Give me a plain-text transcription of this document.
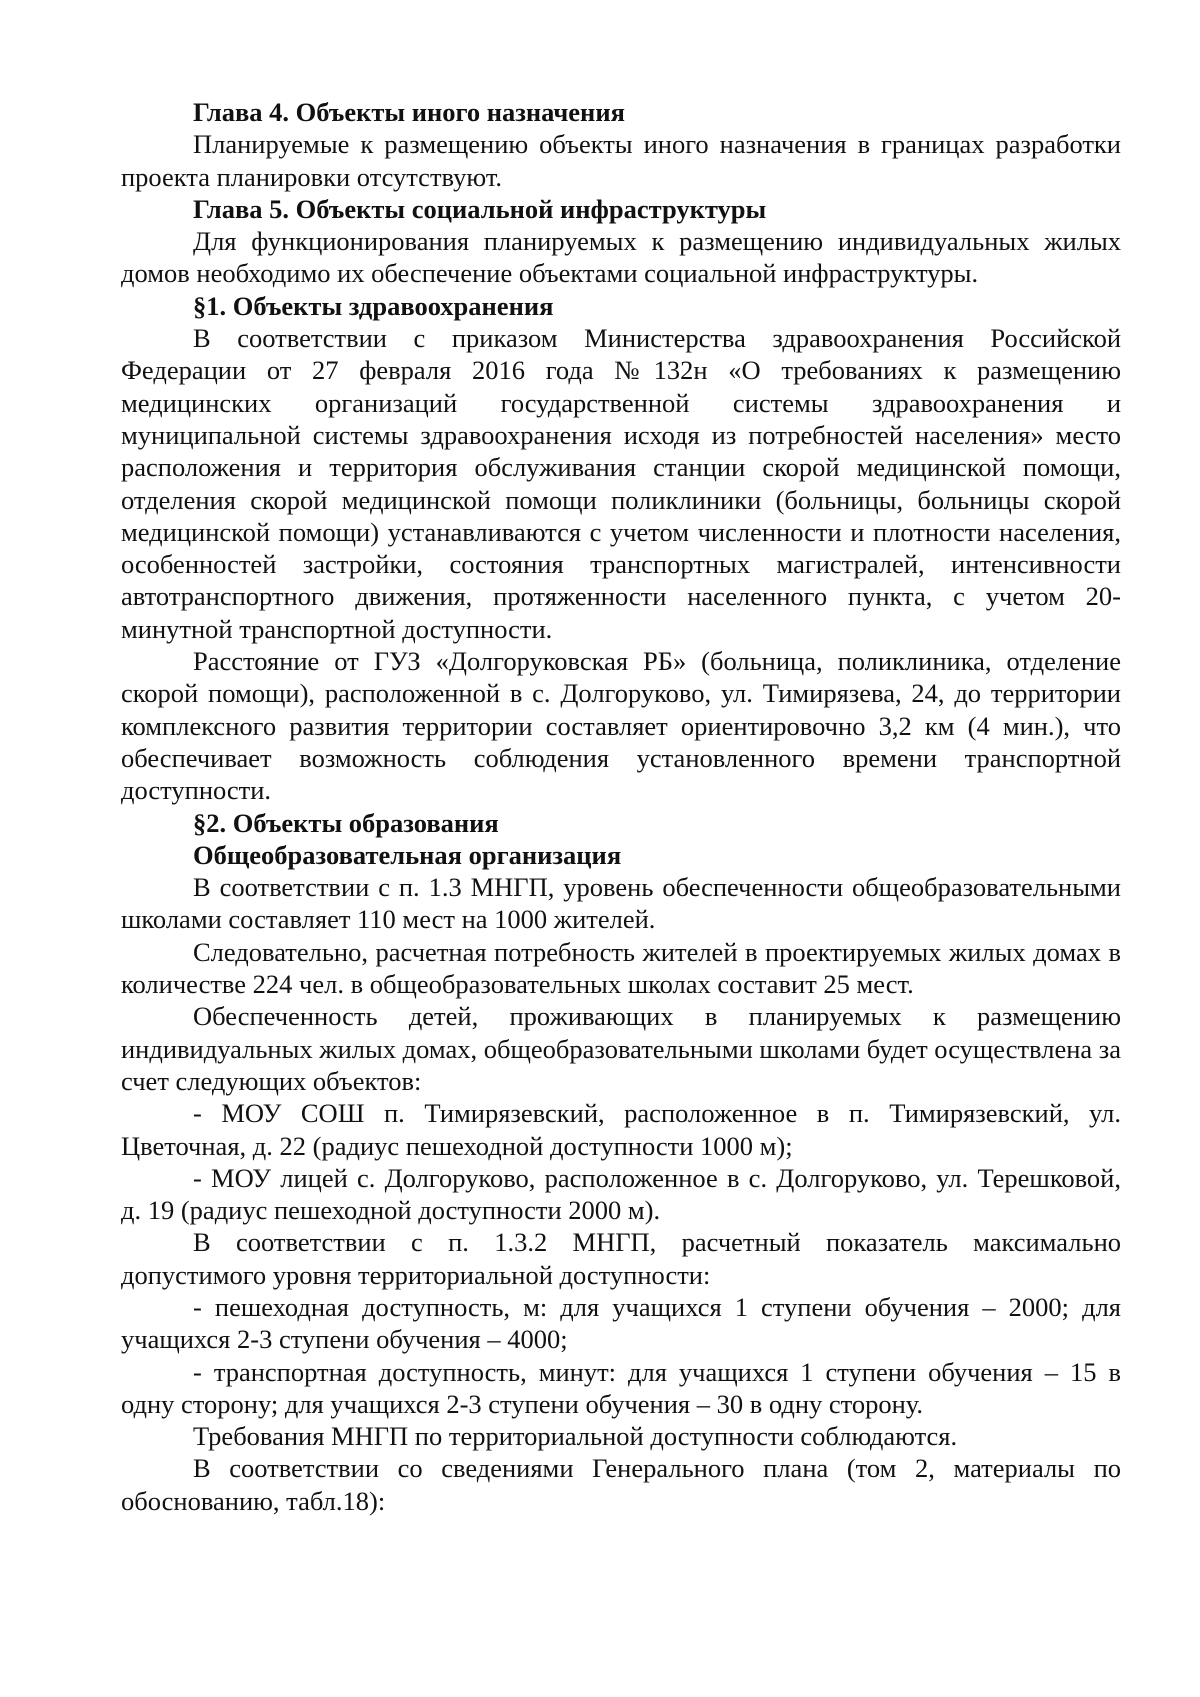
Глава 4. Объекты иного назначения

Планируемые к размещению объекты иного назначения в границах разработки проекта планировки отсутствуют.

Глава 5. Объекты социальной инфраструктуры

Для функционирования планируемых к размещению индивидуальных жилых домов необходимо их обеспечение объектами социальной инфраструктуры.

§1. Объекты здравоохранения

В соответствии с приказом Министерства здравоохранения Российской Федерации от 27 февраля 2016 года №132н «О требованиях к размещению медицинских организаций государственной системы здравоохранения и муниципальной системы здравоохранения исходя из потребностей населения» место расположения и территория обслуживания станции скорой медицинской помощи, отделения скорой медицинской помощи поликлиники (больницы, больницы скорой медицинской помощи) устанавливаются с учетом численности и плотности населения, особенностей застройки, состояния транспортных магистралей, интенсивности автотранспортного движения, протяженности населенного пункта, с учетом 20-минутной транспортной доступности.

Расстояние от ГУЗ «Долгоруковская РБ» (больница, поликлиника, отделение скорой помощи), расположенной в с. Долгоруково, ул. Тимирязева, 24, до территории комплексного развития территории составляет ориентировочно 3,2 км (4 мин.), что обеспечивает возможность соблюдения установленного времени транспортной доступности.

§2. Объекты образования
Общеобразовательная организация

В соответствии с п. 1.3 МНГП, уровень обеспеченности общеобразовательными школами составляет 110 мест на 1000 жителей.

Следовательно, расчетная потребность жителей в проектируемых жилых домах в количестве 224 чел. в общеобразовательных школах составит 25 мест.

Обеспеченность детей, проживающих в планируемых к размещению индивидуальных жилых домах, общеобразовательными школами будет осуществлена за счет следующих объектов:

- МОУ СОШ п. Тимирязевский, расположенное в п. Тимирязевский, ул. Цветочная, д. 22 (радиус пешеходной доступности 1000 м);

- МОУ лицей с. Долгоруково, расположенное в с. Долгоруково, ул. Терешковой, д. 19 (радиус пешеходной доступности 2000 м).

В соответствии с п. 1.3.2 МНГП, расчетный показатель максимально допустимого уровня территориальной доступности:

- пешеходная доступность, м: для учащихся 1 ступени обучения – 2000; для учащихся 2-3 ступени обучения – 4000;

- транспортная доступность, минут: для учащихся 1 ступени обучения – 15 в одну сторону; для учащихся 2-3 ступени обучения – 30 в одну сторону.

Требования МНГП по территориальной доступности соблюдаются.

В соответствии со сведениями Генерального плана (том 2, материалы по обоснованию, табл.18):
